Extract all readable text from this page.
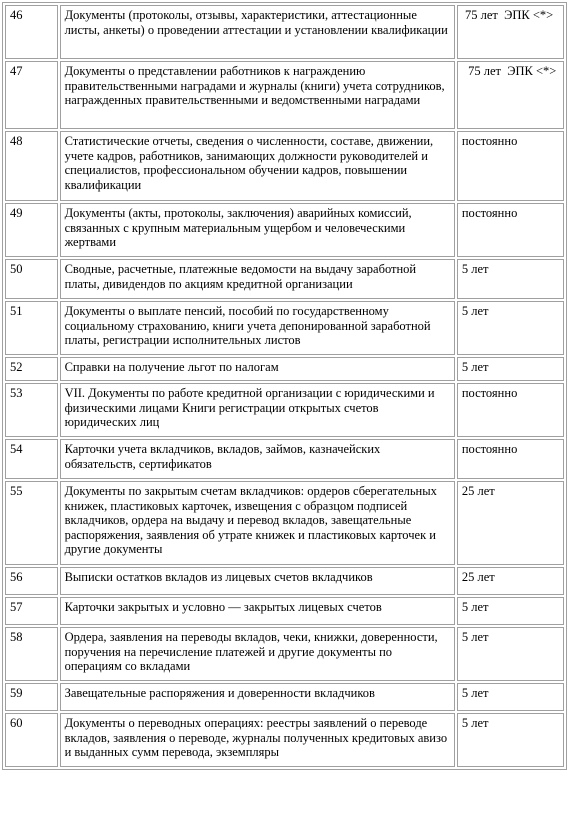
46	Документы (протоколы, отзывы, характеристики, аттестационные листы, анкеты) о проведении аттестации и установлении квалификации	75 лет  ЭПК <*>
47	Документы о представлении работников к награждению правительственными наградами и журналы (книги) учета сотрудников, награжденных правительственными и ведомственными наградами	75 лет  ЭПК <*>
48	Статистические отчеты, сведения о численности, составе, движении, учете кадров, работников, занимающих должности руководителей и специалистов, профессиональном обучении кадров, повышении квалификации	постоянно
49	Документы (акты, протоколы, заключения) аварийных комиссий, связанных с крупным материальным ущербом и человеческими жертвами	постоянно
50	Сводные, расчетные, платежные ведомости на выдачу заработной платы, дивидендов по акциям кредитной организации	5 лет
51	Документы о выплате пенсий, пособий по государственному социальному страхованию, книги учета депонированной заработной платы, регистрации исполнительных листов	5 лет
52	Справки на получение льгот по налогам	5 лет
53	VII. Документы по работе кредитной организации с юридическими и физическими лицами Книги регистрации открытых счетов юридических лиц	постоянно
54	Карточки учета вкладчиков, вкладов, займов, казначейских обязательств, сертификатов	постоянно
55	Документы по закрытым счетам вкладчиков: ордеров сберегательных книжек, пластиковых карточек, извещения с образцом подписей вкладчиков, ордера на выдачу и перевод вкладов, завещательные распоряжения, заявления об утрате книжек и пластиковых карточек и другие документы	25 лет
56	Выписки остатков вкладов из лицевых счетов вкладчиков	25 лет
57	Карточки закрытых и условно — закрытых лицевых счетов	5 лет
58	Ордера, заявления на переводы вкладов, чеки, книжки, доверенности, поручения на перечисление платежей и другие документы по операциям со вкладами	5 лет
59	Завещательные распоряжения и доверенности вкладчиков	5 лет
60	Документы о переводных операциях: реестры заявлений о переводе вкладов, заявления о переводе, журналы полученных кредитовых авизо и выданных сумм перевода, экземпляры	5 лет
